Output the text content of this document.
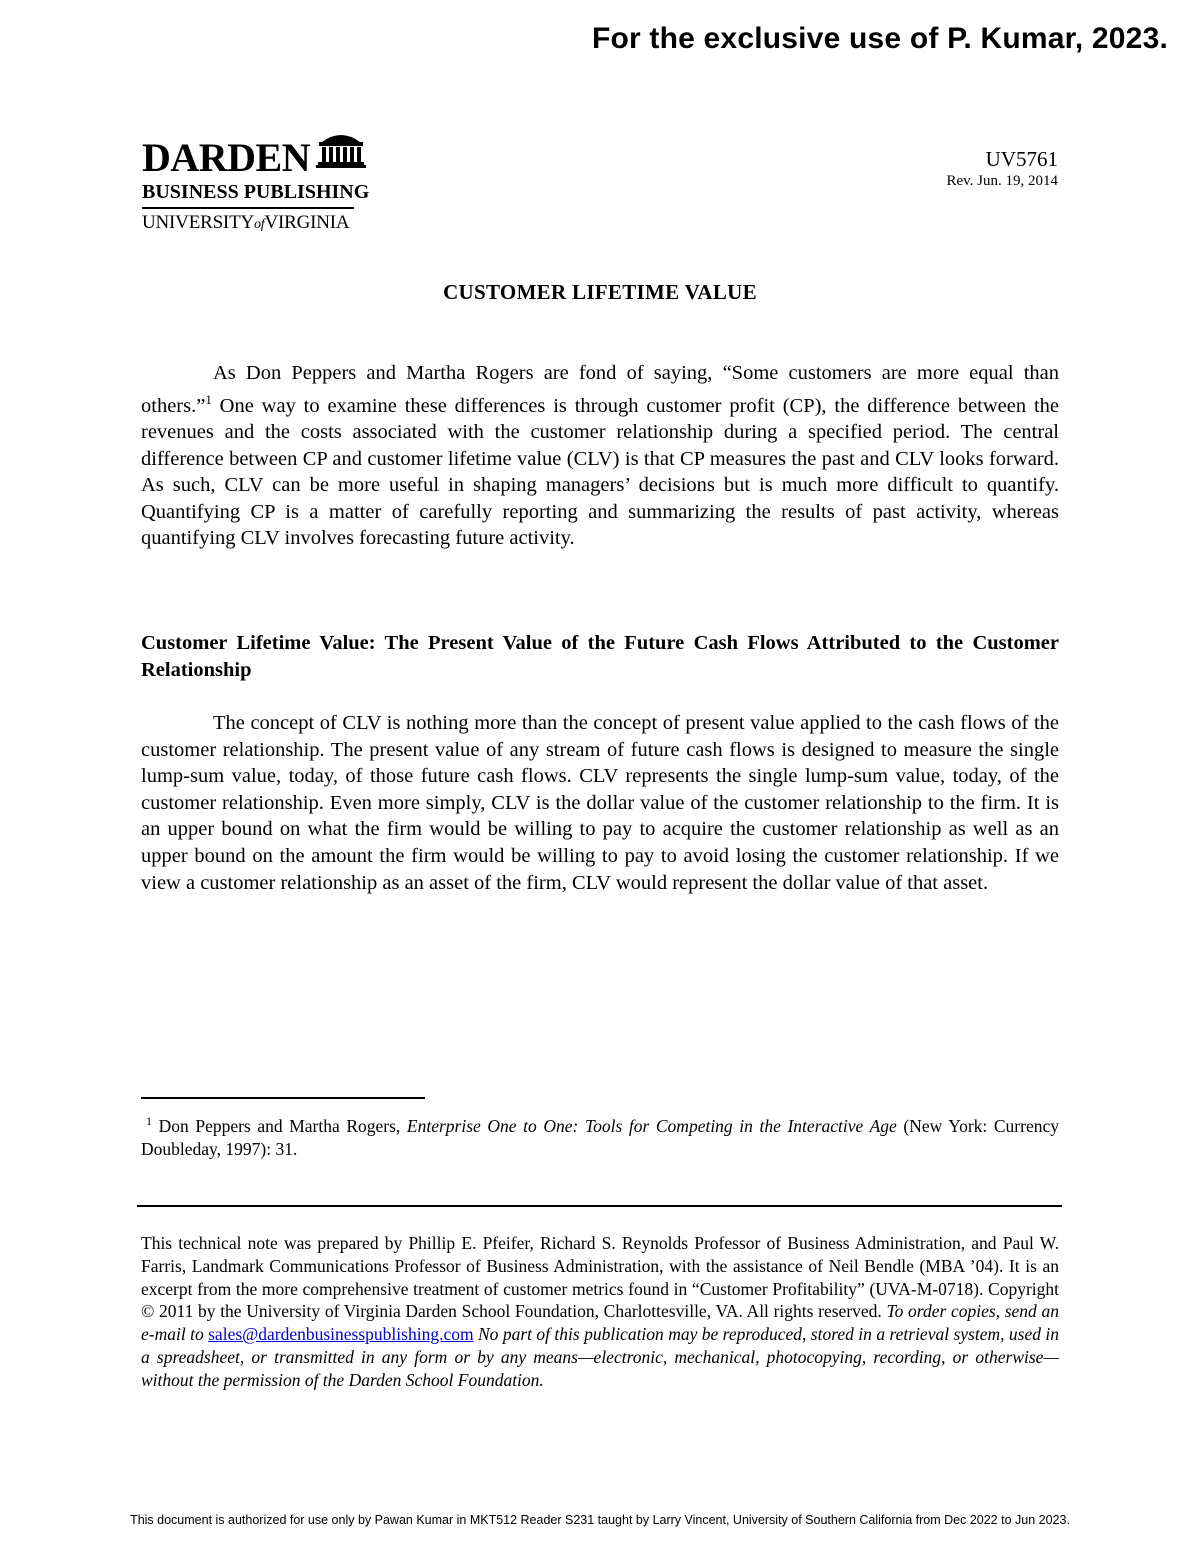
For the exclusive use of P. Kumar, 2023.
DARDEN
BUSINESS PUBLISHING
UNIVERSITYofVIRGINIA
UV5761
Rev. Jun. 19, 2014
CUSTOMER LIFETIME VALUE

As Don Peppers and Martha Rogers are fond of saying, “Some customers are more equal than others.”$^1$ One way to examine these differences is through customer profit (CP), the difference between the revenues and the costs associated with the customer relationship during a specified period. The central difference between CP and customer lifetime value (CLV) is that CP measures the past and CLV looks forward. As such, CLV can be more useful in shaping managers’ decisions but is much more difficult to quantify. Quantifying CP is a matter of carefully reporting and summarizing the results of past activity, whereas quantifying CLV involves forecasting future activity.

Customer Lifetime Value: The Present Value of the Future Cash Flows Attributed to the Customer Relationship

The concept of CLV is nothing more than the concept of present value applied to the cash flows of the customer relationship. The present value of any stream of future cash flows is designed to measure the single lump-sum value, today, of those future cash flows. CLV represents the single lump-sum value, today, of the customer relationship. Even more simply, CLV is the dollar value of the customer relationship to the firm. It is an upper bound on what the firm would be willing to pay to acquire the customer relationship as well as an upper bound on the amount the firm would be willing to pay to avoid losing the customer relationship. If we view a customer relationship as an asset of the firm, CLV would represent the dollar value of that asset.

$^1$ Don Peppers and Martha Rogers, Enterprise One to One: Tools for Competing in the Interactive Age (New York: Currency Doubleday, 1997): 31.

This technical note was prepared by Phillip E. Pfeifer, Richard S. Reynolds Professor of Business Administration, and Paul W. Farris, Landmark Communications Professor of Business Administration, with the assistance of Neil Bendle (MBA ’04). It is an excerpt from the more comprehensive treatment of customer metrics found in “Customer Profitability” (UVA-M-0718). Copyright © 2011 by the University of Virginia Darden School Foundation, Charlottesville, VA. All rights reserved. To order copies, send an e-mail to sales@dardenbusinesspublishing.com No part of this publication may be reproduced, stored in a retrieval system, used in a spreadsheet, or transmitted in any form or by any means—electronic, mechanical, photocopying, recording, or otherwise—without the permission of the Darden School Foundation.

This document is authorized for use only by Pawan Kumar in MKT512 Reader S231 taught by Larry Vincent, University of Southern California from Dec 2022 to Jun 2023.
